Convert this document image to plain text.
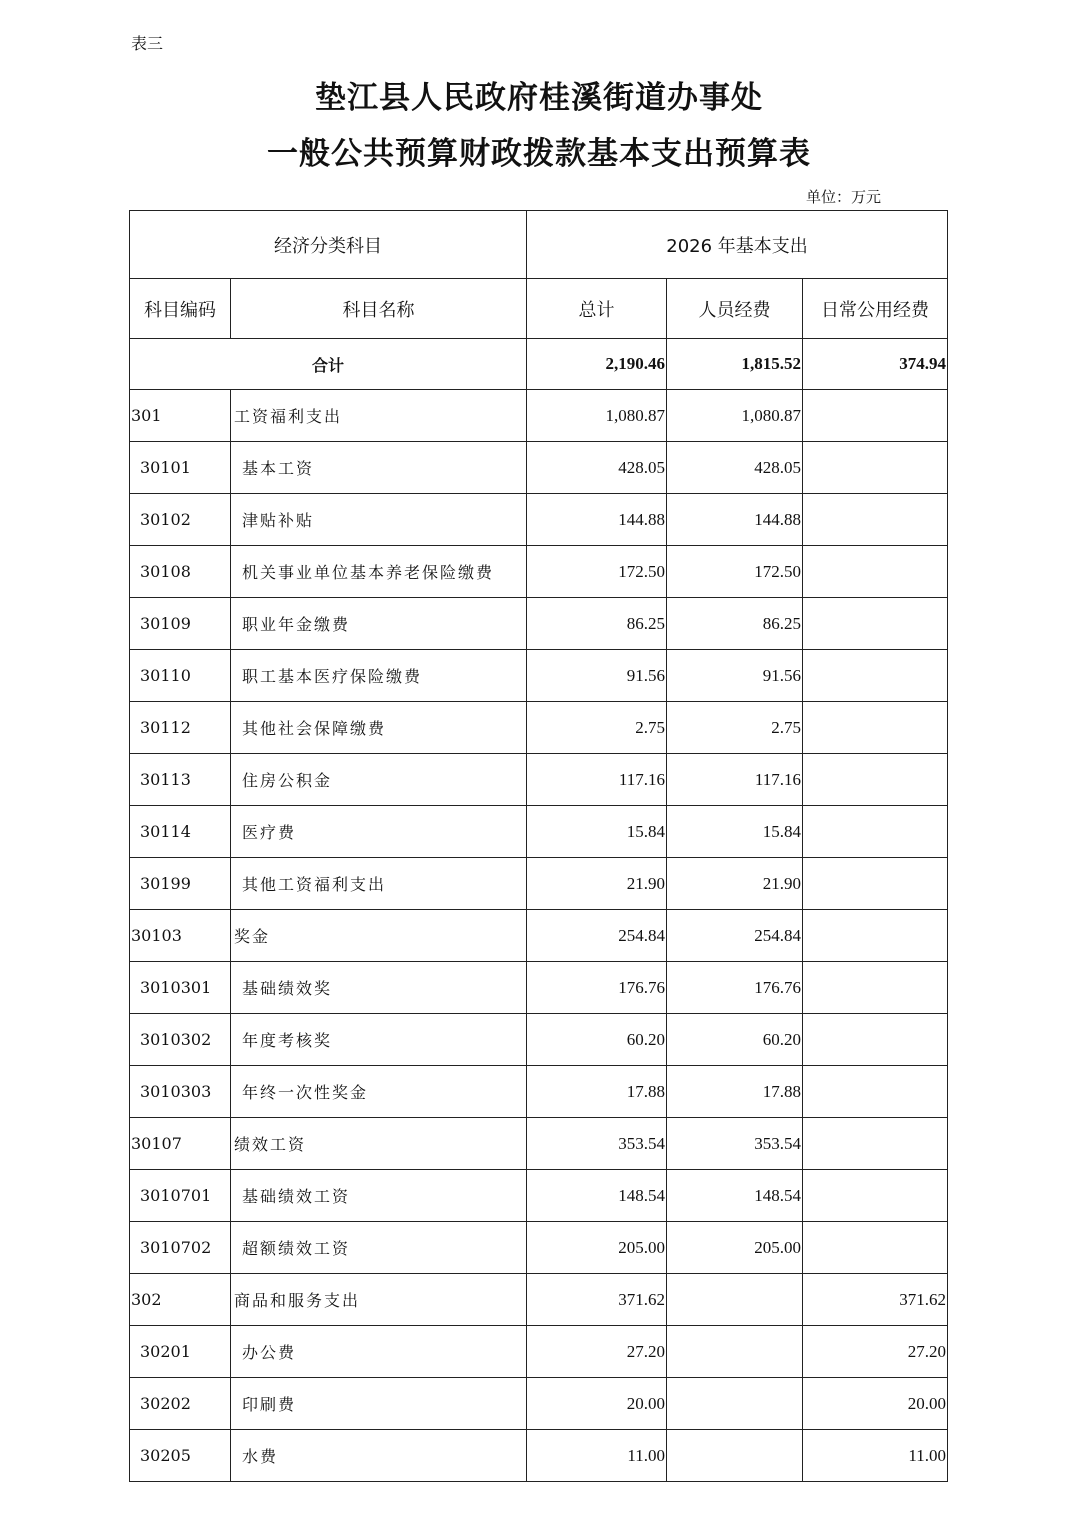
表三
垫江县人民政府桂溪街道办事处
一般公共预算财政拨款基本支出预算表
单位：万元
经济分类科目		2026 年基本支出		
科目编码	科目名称	总计	人员经费	日常公用经费
合计		2,190.46	1,815.52	374.94
301	工资福利支出	1,080.87	1,080.87	
30101	基本工资	428.05	428.05	
30102	津贴补贴	144.88	144.88	
30108	机关事业单位基本养老保险缴费	172.50	172.50	
30109	职业年金缴费	86.25	86.25	
30110	职工基本医疗保险缴费	91.56	91.56	
30112	其他社会保障缴费	2.75	2.75	
30113	住房公积金	117.16	117.16	
30114	医疗费	15.84	15.84	
30199	其他工资福利支出	21.90	21.90	
30103	奖金	254.84	254.84	
3010301	基础绩效奖	176.76	176.76	
3010302	年度考核奖	60.20	60.20	
3010303	年终一次性奖金	17.88	17.88	
30107	绩效工资	353.54	353.54	
3010701	基础绩效工资	148.54	148.54	
3010702	超额绩效工资	205.00	205.00	
302	商品和服务支出	371.62		371.62
30201	办公费	27.20		27.20
30202	印刷费	20.00		20.00
30205	水费	11.00		11.00
